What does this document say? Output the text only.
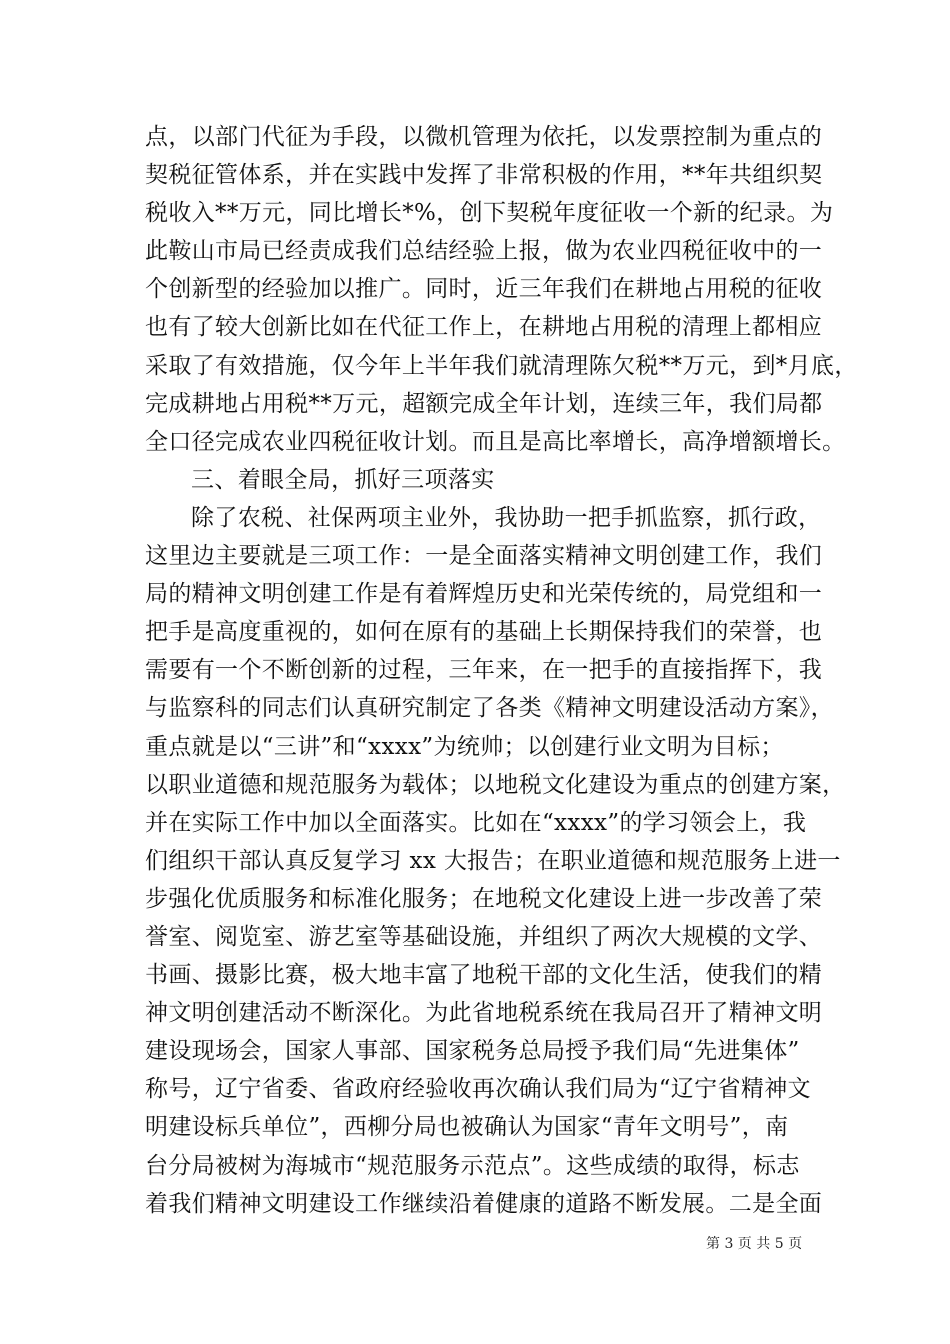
点，以部门代征为手段，以微机管理为依托，以发票控制为重点的
契税征管体系，并在实践中发挥了非常积极的作用，**年共组织契
税收入**万元，同比增长*%，创下契税年度征收一个新的纪录。为
此鞍山市局已经责成我们总结经验上报，做为农业四税征收中的一
个创新型的经验加以推广。同时，近三年我们在耕地占用税的征收
也有了较大创新比如在代征工作上，在耕地占用税的清理上都相应
采取了有效措施，仅今年上半年我们就清理陈欠税**万元，到*月底，
完成耕地占用税**万元，超额完成全年计划，连续三年，我们局都
全口径完成农业四税征收计划。而且是高比率增长，高净增额增长。
三、着眼全局，抓好三项落实
除了农税、社保两项主业外，我协助一把手抓监察，抓行政，
这里边主要就是三项工作：一是全面落实精神文明创建工作，我们
局的精神文明创建工作是有着辉煌历史和光荣传统的，局党组和一
把手是高度重视的，如何在原有的基础上长期保持我们的荣誉，也
需要有一个不断创新的过程，三年来，在一把手的直接指挥下，我
与监察科的同志们认真研究制定了各类《精神文明建设活动方案》，
重点就是以“三讲”和“xxxx”为统帅；以创建行业文明为目标；
以职业道德和规范服务为载体；以地税文化建设为重点的创建方案，
并在实际工作中加以全面落实。比如在“xxxx”的学习领会上，我
们组织干部认真反复学习 xx 大报告；在职业道德和规范服务上进一
步强化优质服务和标准化服务；在地税文化建设上进一步改善了荣
誉室、阅览室、游艺室等基础设施，并组织了两次大规模的文学、
书画、摄影比赛，极大地丰富了地税干部的文化生活，使我们的精
神文明创建活动不断深化。为此省地税系统在我局召开了精神文明
建设现场会，国家人事部、国家税务总局授予我们局“先进集体”
称号，辽宁省委、省政府经验收再次确认我们局为“辽宁省精神文
明建设标兵单位”，西柳分局也被确认为国家“青年文明号”，南
台分局被树为海城市“规范服务示范点”。这些成绩的取得，标志
着我们精神文明建设工作继续沿着健康的道路不断发展。二是全面
第 3 页 共 5 页
